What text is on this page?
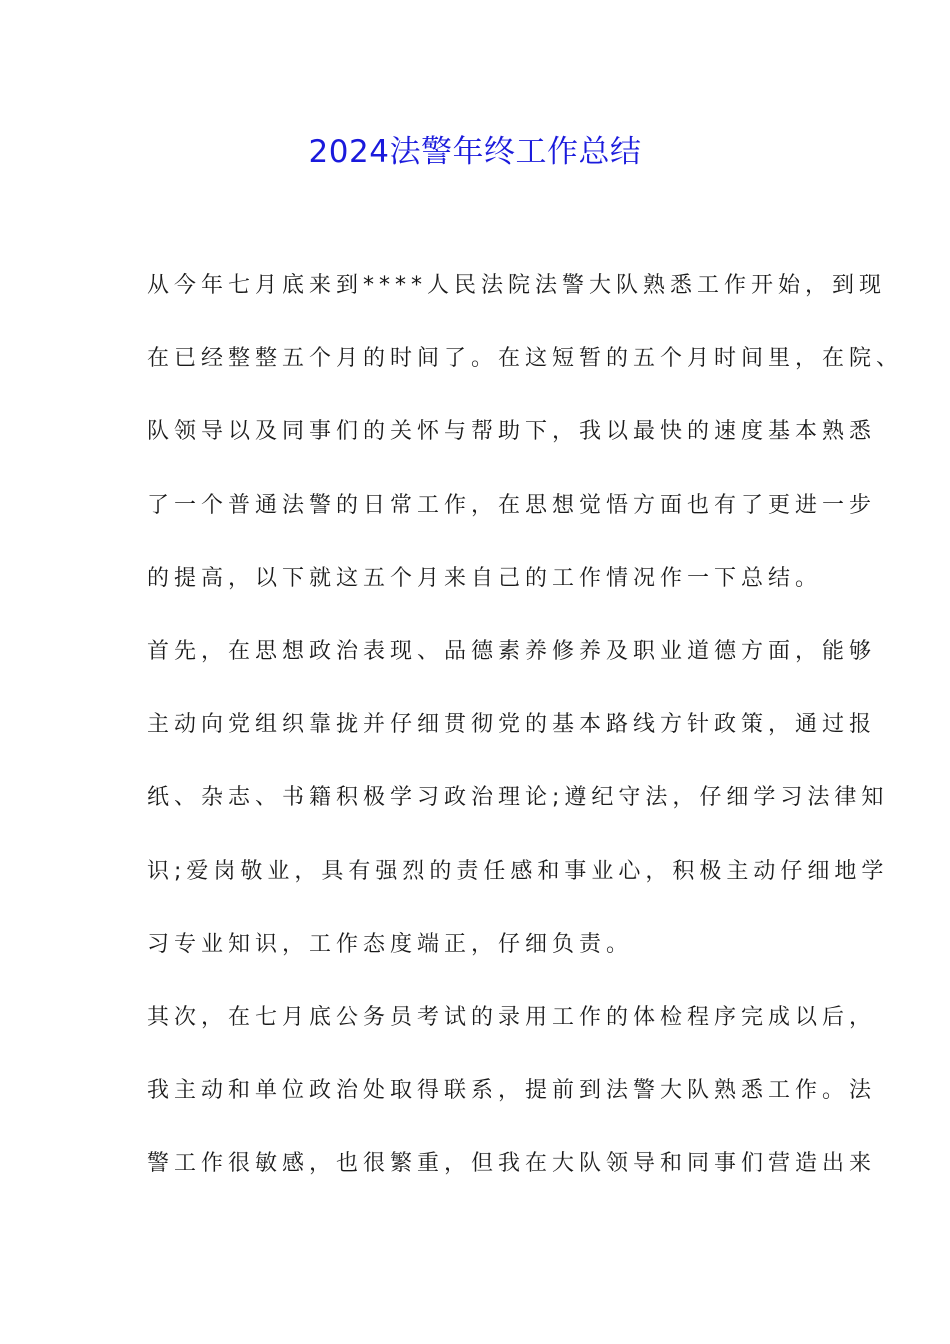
2024法警年终工作总结
从今年七月底来到****人民法院法警大队熟悉工作开始，到现
在已经整整五个月的时间了。在这短暂的五个月时间里，在院、
队领导以及同事们的关怀与帮助下，我以最快的速度基本熟悉
了一个普通法警的日常工作，在思想觉悟方面也有了更进一步
的提高，以下就这五个月来自己的工作情况作一下总结。
首先，在思想政治表现、品德素养修养及职业道德方面，能够
主动向党组织靠拢并仔细贯彻党的基本路线方针政策，通过报
纸、杂志、书籍积极学习政治理论;遵纪守法，仔细学习法律知
识;爱岗敬业，具有强烈的责任感和事业心，积极主动仔细地学
习专业知识，工作态度端正，仔细负责。
其次，在七月底公务员考试的录用工作的体检程序完成以后，
我主动和单位政治处取得联系，提前到法警大队熟悉工作。法
警工作很敏感，也很繁重，但我在大队领导和同事们营造出来
